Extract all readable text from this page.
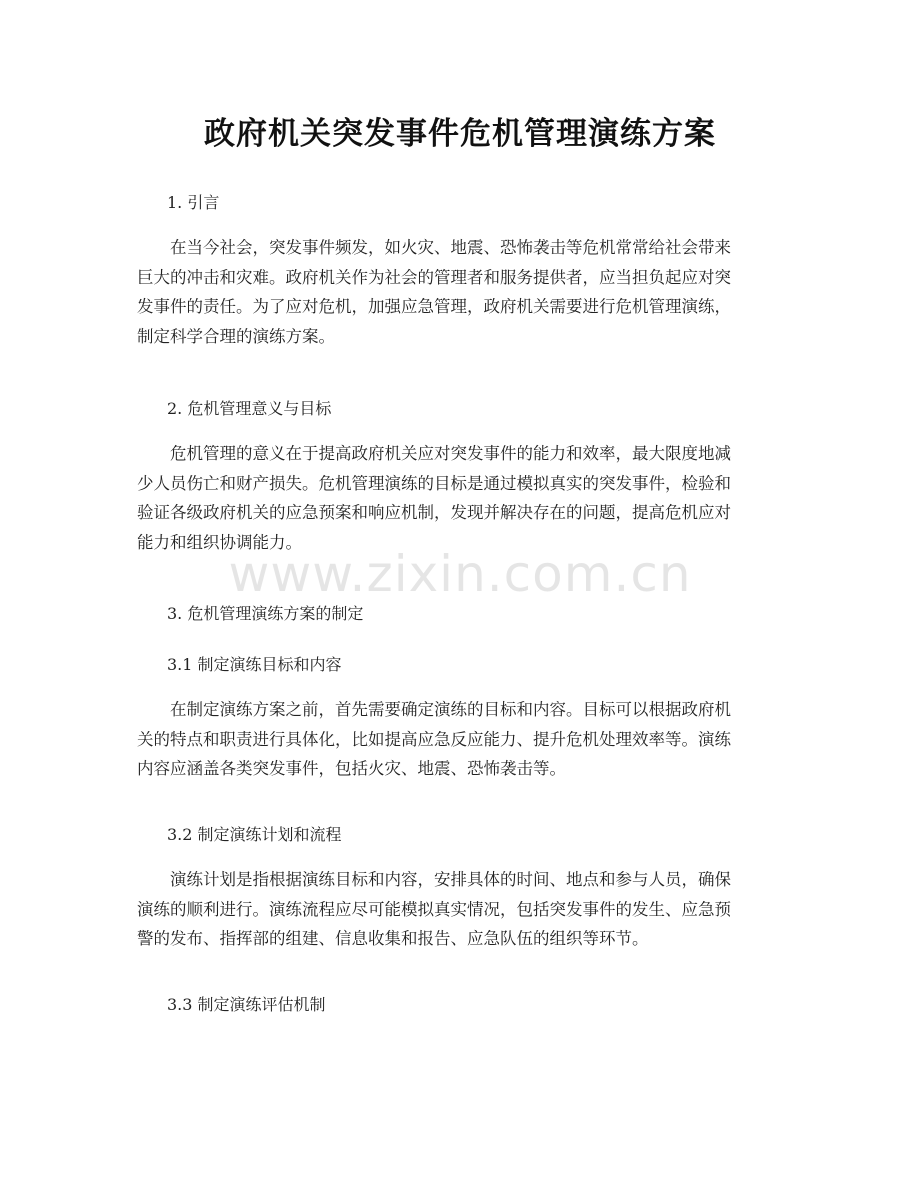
政府机关突发事件危机管理演练方案
1. 引言
在当今社会，突发事件频发，如火灾、地震、恐怖袭击等危机常常给社会带来
巨大的冲击和灾难。政府机关作为社会的管理者和服务提供者，应当担负起应对突
发事件的责任。为了应对危机，加强应急管理，政府机关需要进行危机管理演练，
制定科学合理的演练方案。
2. 危机管理意义与目标
危机管理的意义在于提高政府机关应对突发事件的能力和效率，最大限度地减
少人员伤亡和财产损失。危机管理演练的目标是通过模拟真实的突发事件，检验和
验证各级政府机关的应急预案和响应机制，发现并解决存在的问题，提高危机应对
能力和组织协调能力。
3. 危机管理演练方案的制定
3.1 制定演练目标和内容
在制定演练方案之前，首先需要确定演练的目标和内容。目标可以根据政府机
关的特点和职责进行具体化，比如提高应急反应能力、提升危机处理效率等。演练
内容应涵盖各类突发事件，包括火灾、地震、恐怖袭击等。
3.2 制定演练计划和流程
演练计划是指根据演练目标和内容，安排具体的时间、地点和参与人员，确保
演练的顺利进行。演练流程应尽可能模拟真实情况，包括突发事件的发生、应急预
警的发布、指挥部的组建、信息收集和报告、应急队伍的组织等环节。
3.3 制定演练评估机制
www.zixin.com.cn
